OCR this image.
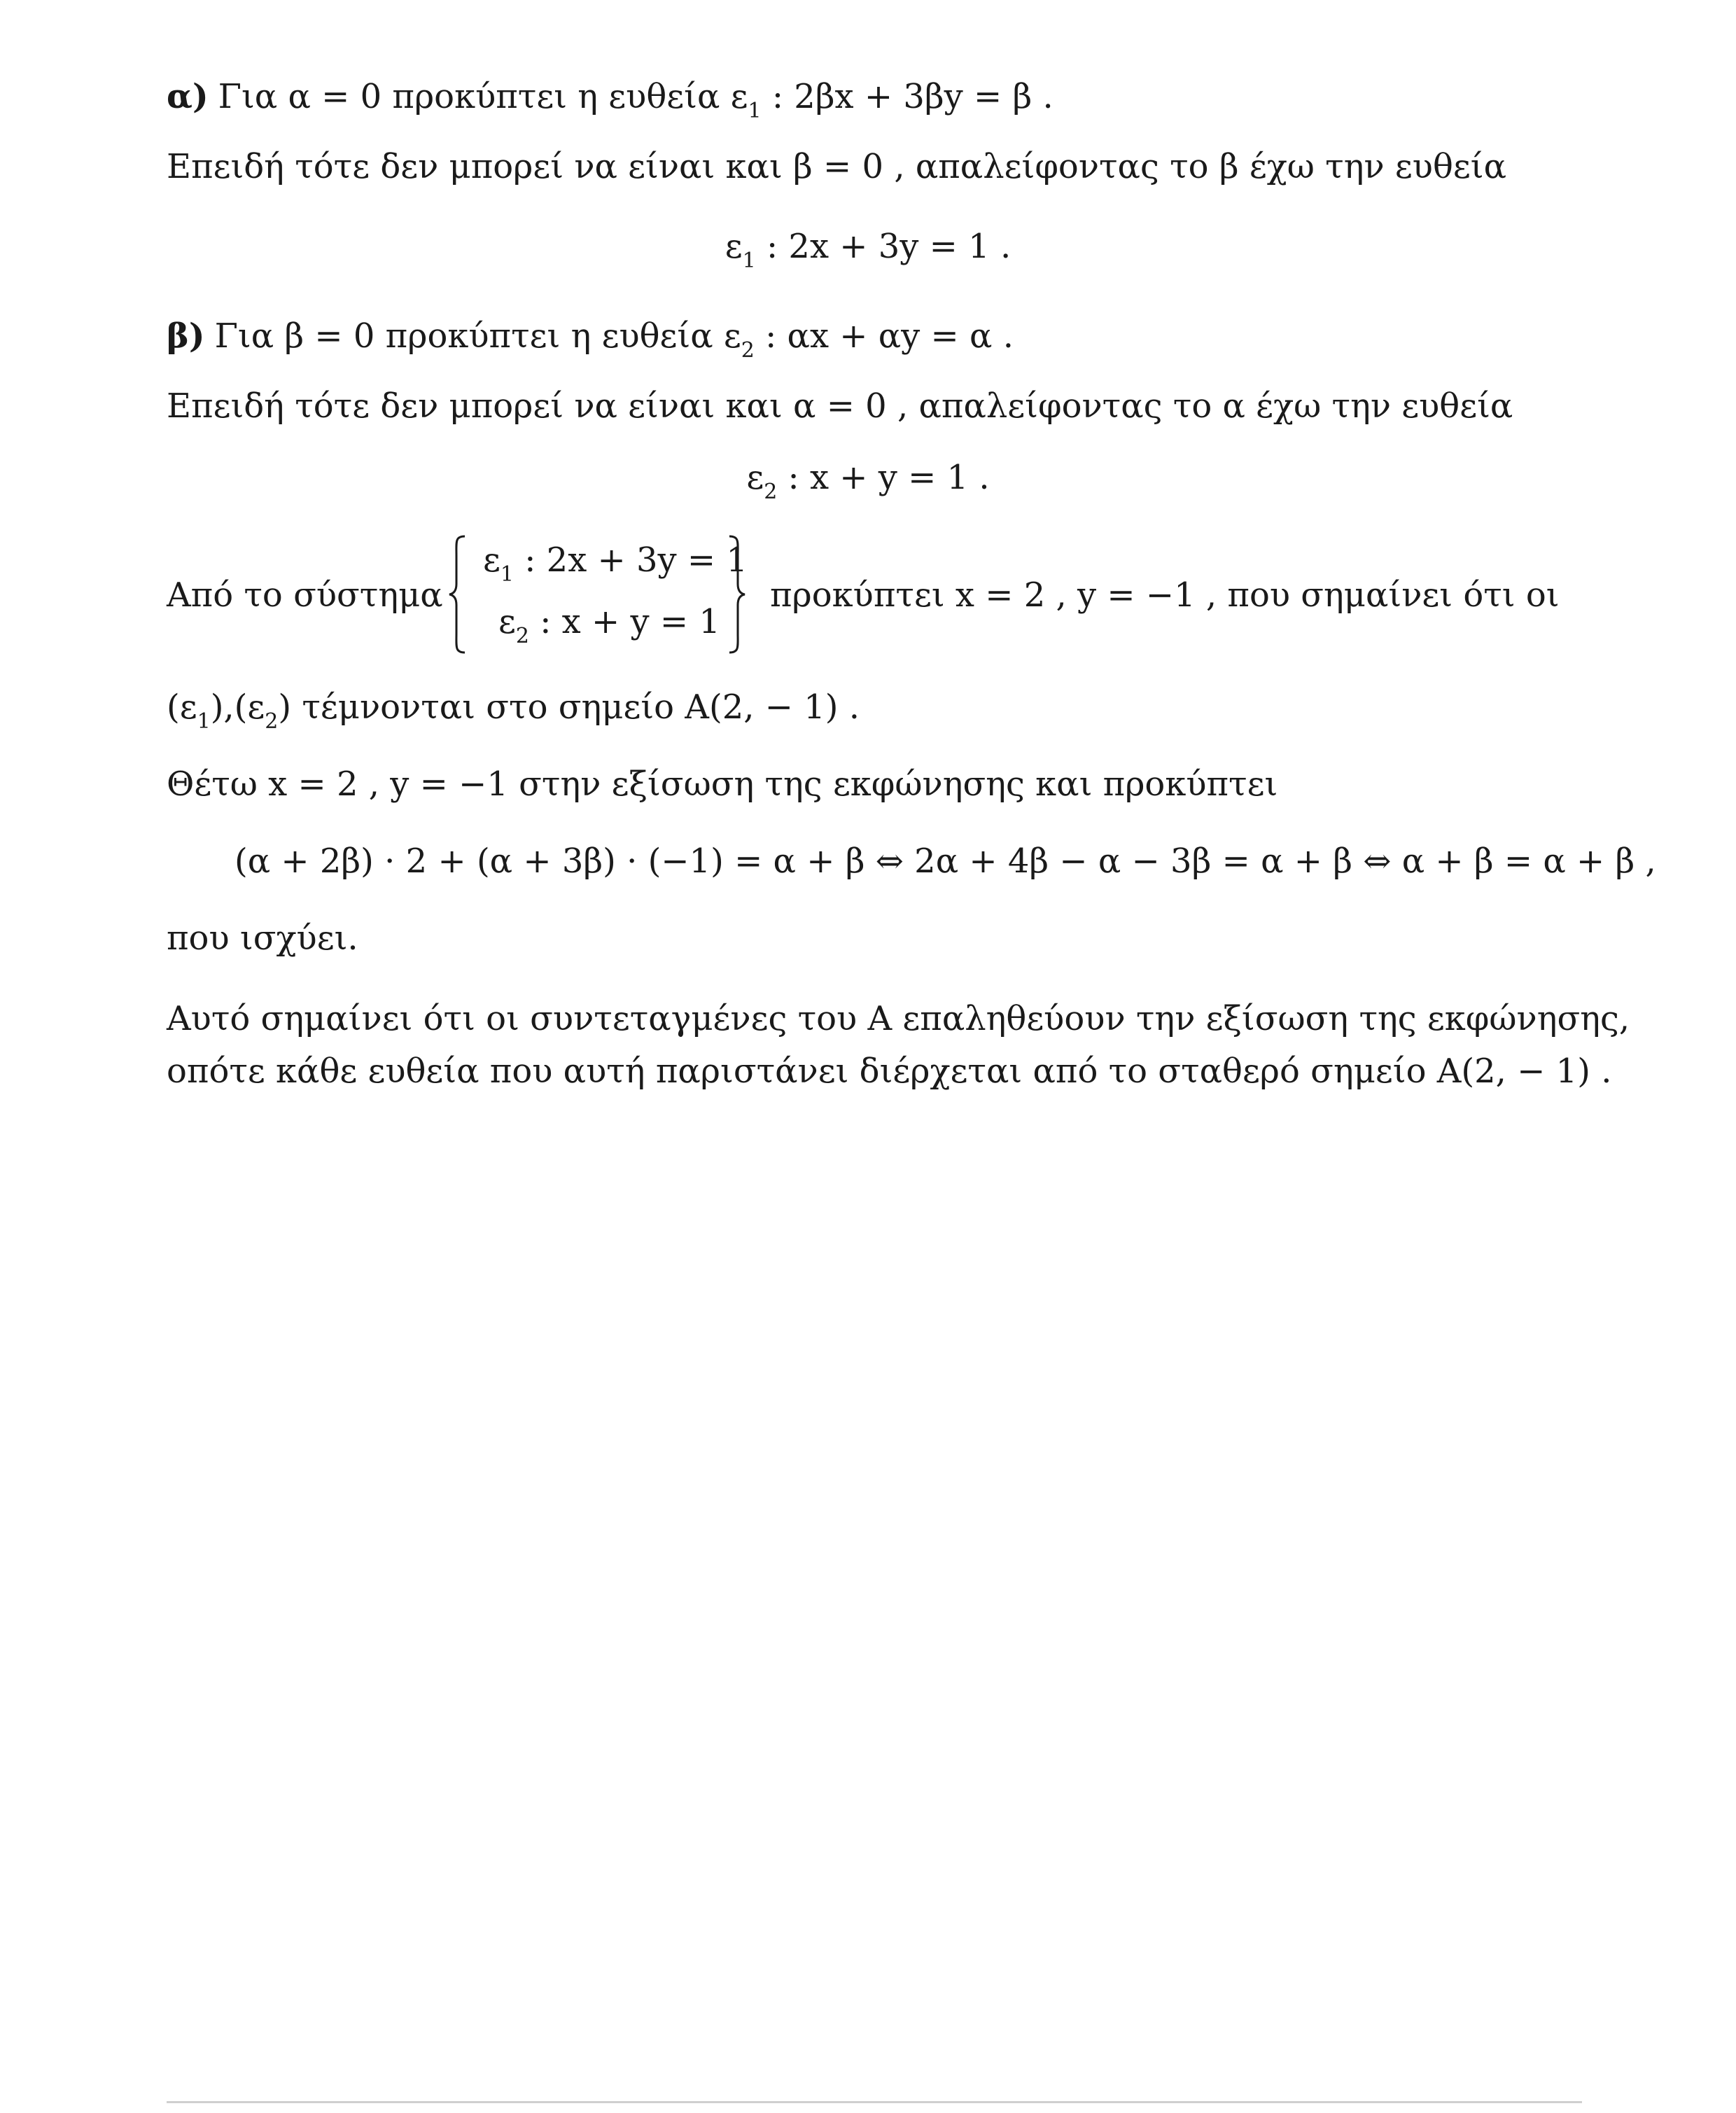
α) Για α = 0 προκύπτει η ευθεία $\varepsilon_1$ : 2βx + 3βy = β .
Επειδή τότε δεν μπορεί να είναι και β = 0 , απαλείφοντας το β έχω την ευθεία
$\varepsilon_1$ : 2x + 3y = 1 .
β) Για β = 0 προκύπτει η ευθεία $\varepsilon_2$ : αx + αy = α .
Επειδή τότε δεν μπορεί να είναι και α = 0 , απαλείφοντας το α έχω την ευθεία
$\varepsilon_2$ : x + y = 1 .
Από το σύστημα
$\varepsilon_1$ : 2x + 3y = 1
$\varepsilon_2$ : x + y = 1
προκύπτει x = 2 , y = −1 , που σημαίνει ότι οι
$(\varepsilon_1),(\varepsilon_2)$ τέμνονται στο σημείο A(2, − 1) .
Θέτω x = 2 , y = −1 στην εξίσωση της εκφώνησης και προκύπτει
(α + 2β) · 2 + (α + 3β) · (−1) = α + β ⇔ 2α + 4β − α − 3β = α + β ⇔ α + β = α + β ,
που ισχύει.
Αυτό σημαίνει ότι οι συντεταγμένες του A επαληθεύουν την εξίσωση της εκφώνησης,
οπότε κάθε ευθεία που αυτή παριστάνει διέρχεται από το σταθερό σημείο A(2, − 1) .
